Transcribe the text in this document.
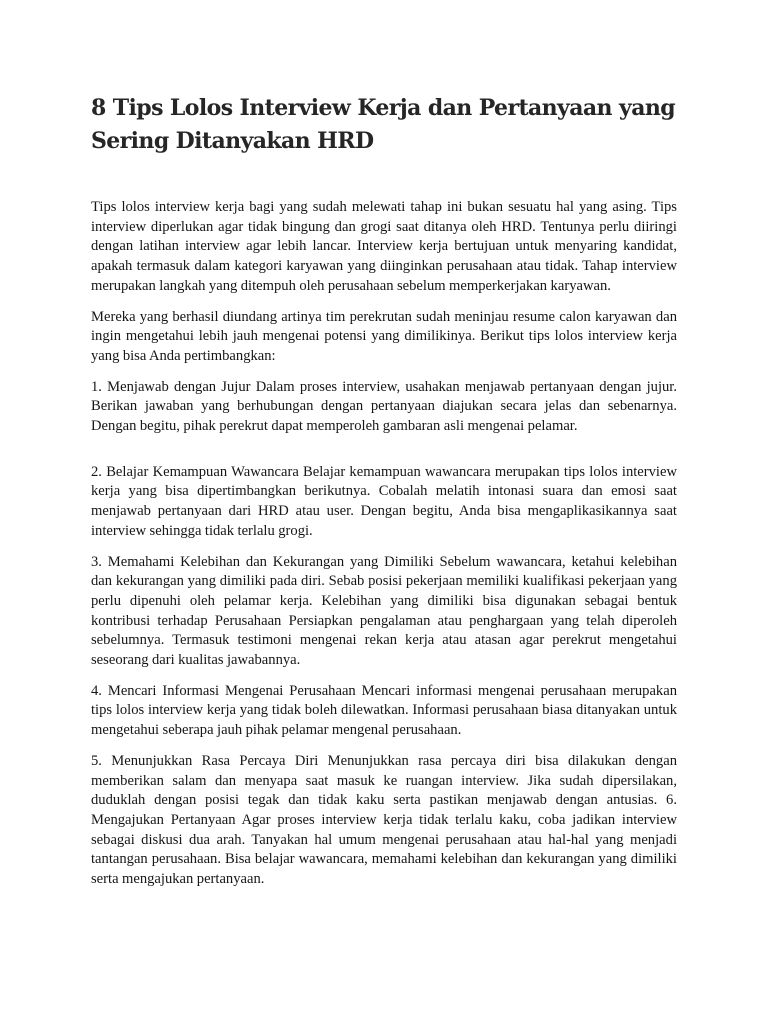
8 Tips Lolos Interview Kerja dan Pertanyaan yang Sering Ditanyakan HRD

Tips lolos interview kerja bagi yang sudah melewati tahap ini bukan sesuatu hal yang asing. Tips interview diperlukan agar tidak bingung dan grogi saat ditanya oleh HRD. Tentunya perlu diiringi dengan latihan interview agar lebih lancar. Interview kerja bertujuan untuk menyaring kandidat, apakah termasuk dalam kategori karyawan yang diinginkan perusahaan atau tidak. Tahap interview merupakan langkah yang ditempuh oleh perusahaan sebelum memperkerjakan karyawan.

Mereka yang berhasil diundang artinya tim perekrutan sudah meninjau resume calon karyawan dan ingin mengetahui lebih jauh mengenai potensi yang dimilikinya. Berikut tips lolos interview kerja yang bisa Anda pertimbangkan:

1. Menjawab dengan Jujur Dalam proses interview, usahakan menjawab pertanyaan dengan jujur. Berikan jawaban yang berhubungan dengan pertanyaan diajukan secara jelas dan sebenarnya. Dengan begitu, pihak perekrut dapat memperoleh gambaran asli mengenai pelamar.

2. Belajar Kemampuan Wawancara Belajar kemampuan wawancara merupakan tips lolos interview kerja yang bisa dipertimbangkan berikutnya. Cobalah melatih intonasi suara dan emosi saat menjawab pertanyaan dari HRD atau user. Dengan begitu, Anda bisa mengaplikasikannya saat interview sehingga tidak terlalu grogi.

3. Memahami Kelebihan dan Kekurangan yang Dimiliki Sebelum wawancara, ketahui kelebihan dan kekurangan yang dimiliki pada diri. Sebab posisi pekerjaan memiliki kualifikasi pekerjaan yang perlu dipenuhi oleh pelamar kerja. Kelebihan yang dimiliki bisa digunakan sebagai bentuk kontribusi terhadap Perusahaan Persiapkan pengalaman atau penghargaan yang telah diperoleh sebelumnya. Termasuk testimoni mengenai rekan kerja atau atasan agar perekrut mengetahui seseorang dari kualitas jawabannya.

4. Mencari Informasi Mengenai Perusahaan Mencari informasi mengenai perusahaan merupakan tips lolos interview kerja yang tidak boleh dilewatkan. Informasi perusahaan biasa ditanyakan untuk mengetahui seberapa jauh pihak pelamar mengenal perusahaan.

5. Menunjukkan Rasa Percaya Diri Menunjukkan rasa percaya diri bisa dilakukan dengan memberikan salam dan menyapa saat masuk ke ruangan interview. Jika sudah dipersilakan, duduklah dengan posisi tegak dan tidak kaku serta pastikan menjawab dengan antusias. 6. Mengajukan Pertanyaan Agar proses interview kerja tidak terlalu kaku, coba jadikan interview sebagai diskusi dua arah. Tanyakan hal umum mengenai perusahaan atau hal-hal yang menjadi tantangan perusahaan. Bisa belajar wawancara, memahami kelebihan dan kekurangan yang dimiliki serta mengajukan pertanyaan.
